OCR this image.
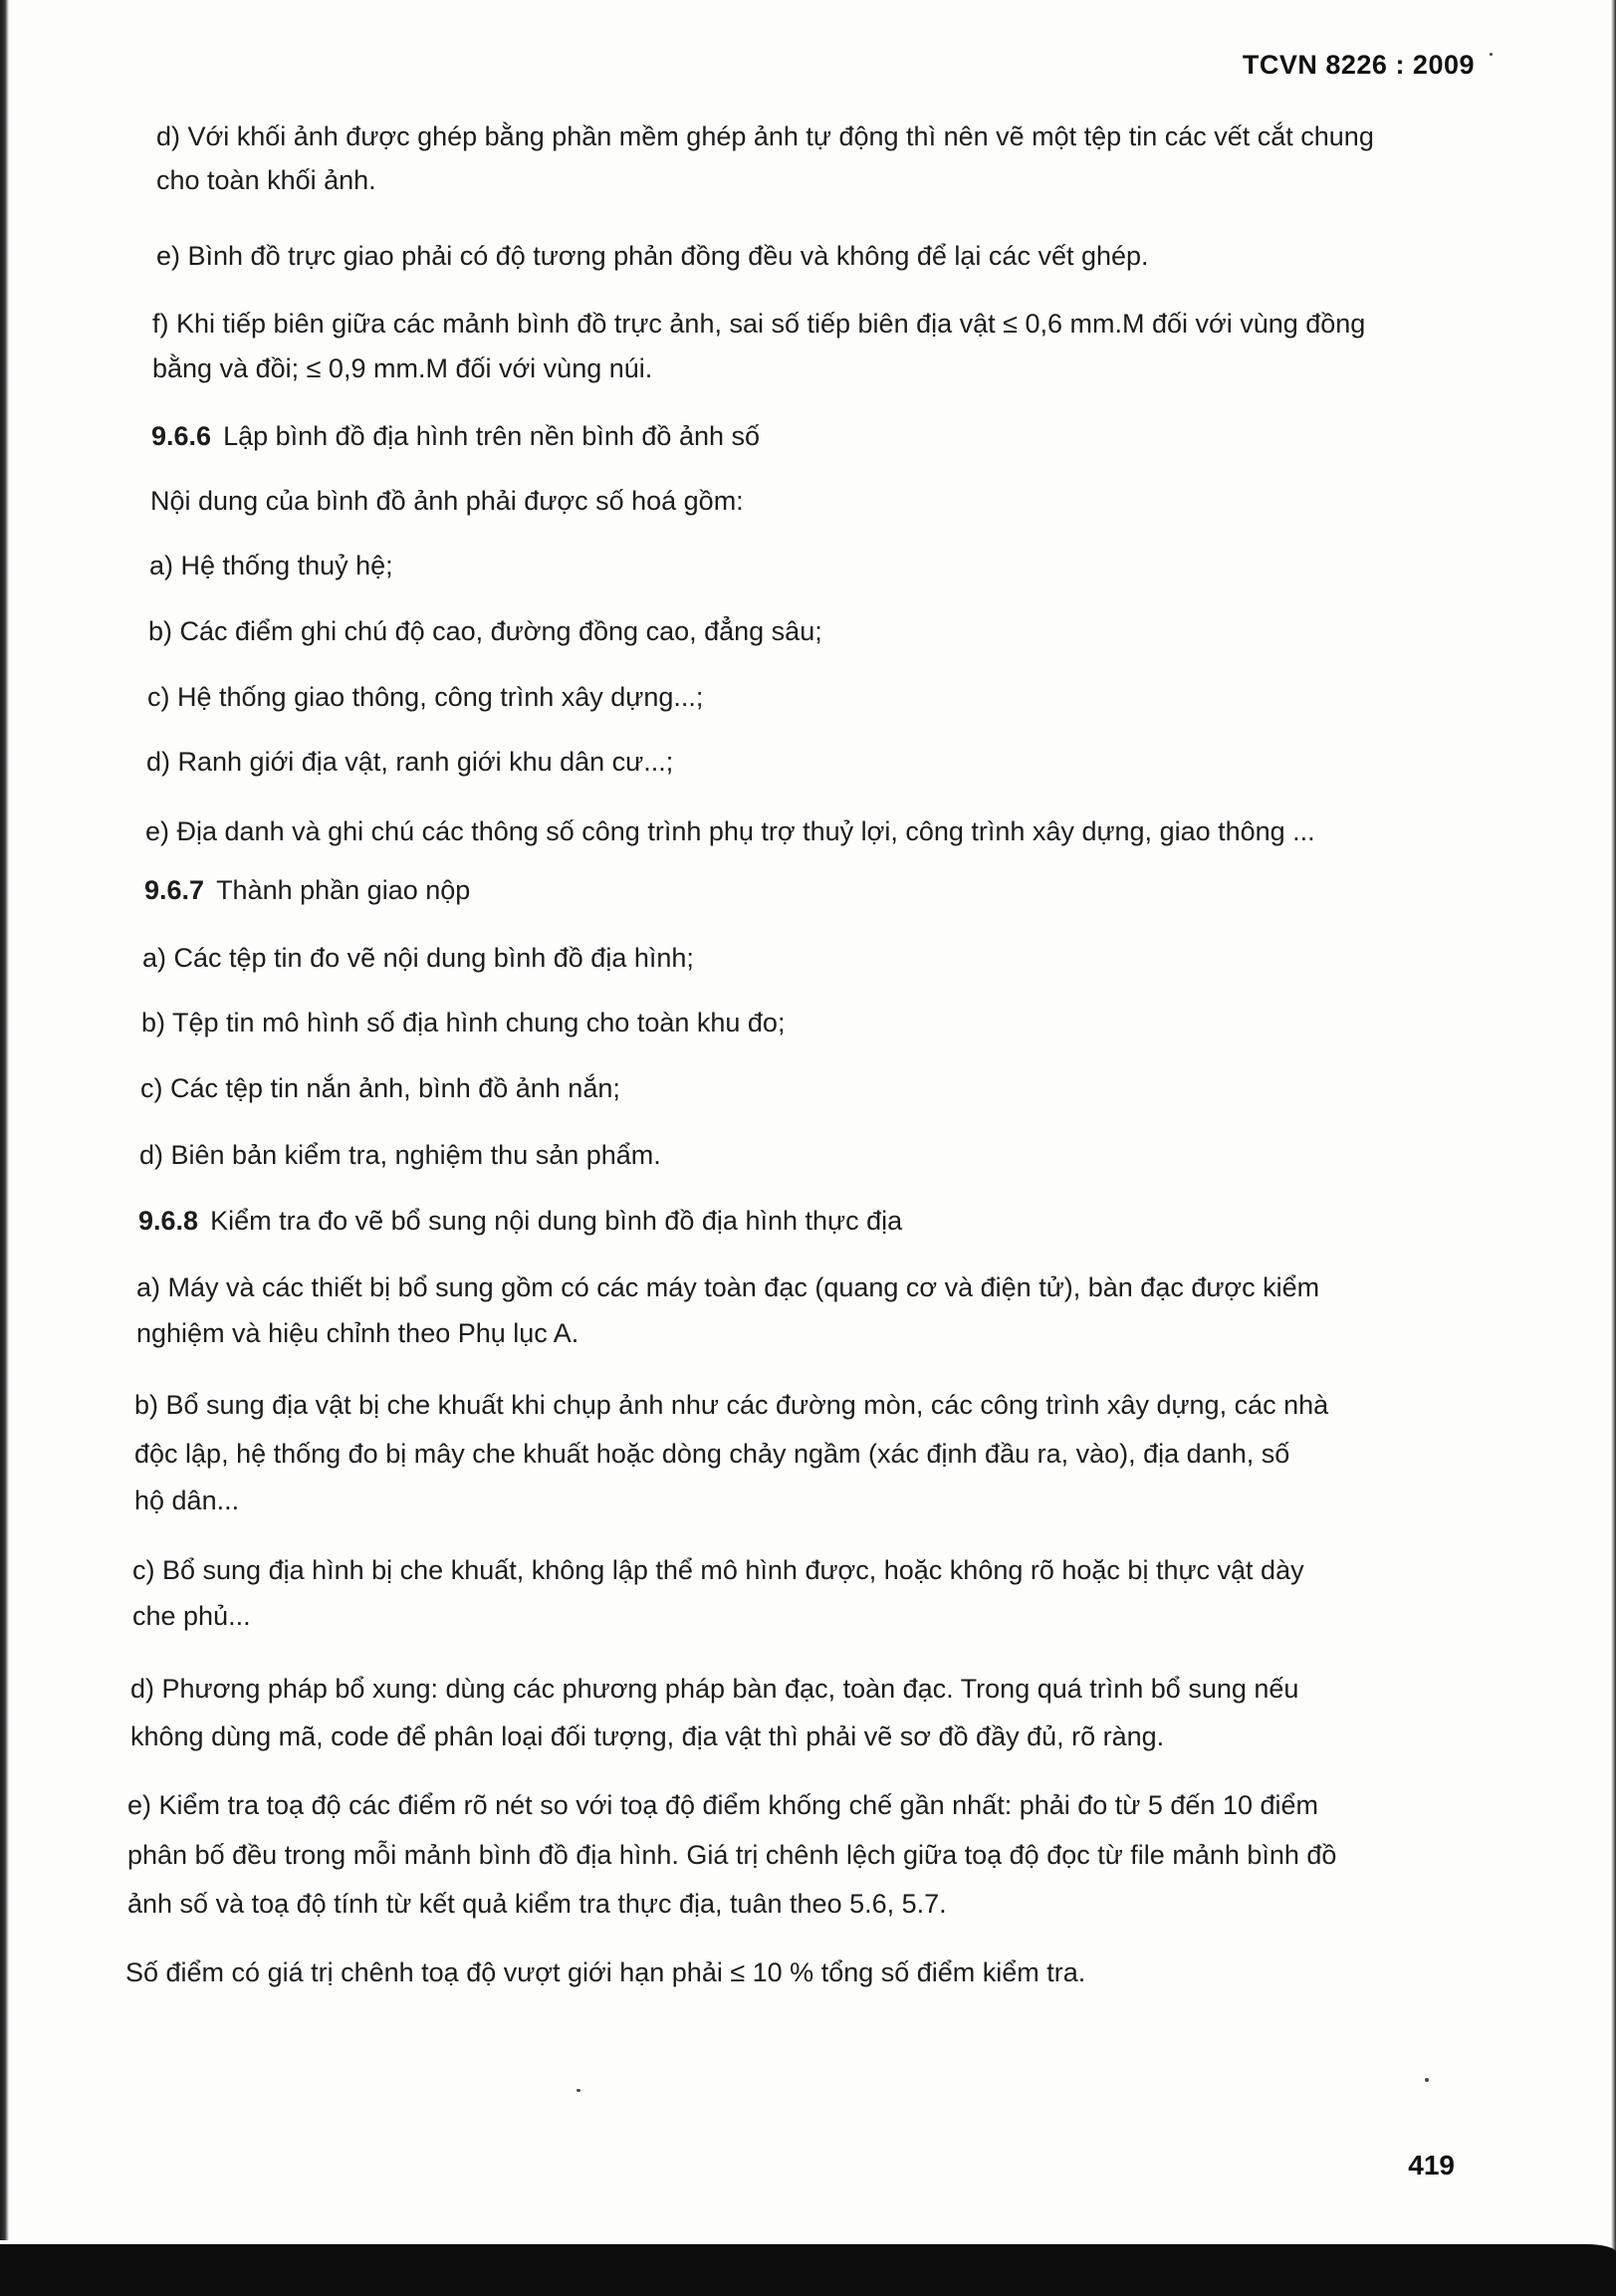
TCVN 8226 : 2009
d) Với khối ảnh được ghép bằng phần mềm ghép ảnh tự động thì nên vẽ một tệp tin các vết cắt chung
cho toàn khối ảnh.
e) Bình đồ trực giao phải có độ tương phản đồng đều và không để lại các vết ghép.
f) Khi tiếp biên giữa các mảnh bình đồ trực ảnh, sai số tiếp biên địa vật ≤ 0,6 mm.M đối với vùng đồng
bằng và đồi; ≤ 0,9 mm.M đối với vùng núi.
9.6.6 Lập bình đồ địa hình trên nền bình đồ ảnh số
Nội dung của bình đồ ảnh phải được số hoá gồm:
a) Hệ thống thuỷ hệ;
b) Các điểm ghi chú độ cao, đường đồng cao, đẳng sâu;
c) Hệ thống giao thông, công trình xây dựng...;
d) Ranh giới địa vật, ranh giới khu dân cư...;
e) Địa danh và ghi chú các thông số công trình phụ trợ thuỷ lợi, công trình xây dựng, giao thông ...
9.6.7 Thành phần giao nộp
a) Các tệp tin đo vẽ nội dung bình đồ địa hình;
b) Tệp tin mô hình số địa hình chung cho toàn khu đo;
c) Các tệp tin nắn ảnh, bình đồ ảnh nắn;
d) Biên bản kiểm tra, nghiệm thu sản phẩm.
9.6.8 Kiểm tra đo vẽ bổ sung nội dung bình đồ địa hình thực địa
a) Máy và các thiết bị bổ sung gồm có các máy toàn đạc (quang cơ và điện tử), bàn đạc được kiểm
nghiệm và hiệu chỉnh theo Phụ lục A.
b) Bổ sung địa vật bị che khuất khi chụp ảnh như các đường mòn, các công trình xây dựng, các nhà
độc lập, hệ thống đo bị mây che khuất hoặc dòng chảy ngầm (xác định đầu ra, vào), địa danh, số
hộ dân...
c) Bổ sung địa hình bị che khuất, không lập thể mô hình được, hoặc không rõ hoặc bị thực vật dày
che phủ...
d) Phương pháp bổ xung: dùng các phương pháp bàn đạc, toàn đạc. Trong quá trình bổ sung nếu
không dùng mã, code để phân loại đối tượng, địa vật thì phải vẽ sơ đồ đầy đủ, rõ ràng.
e) Kiểm tra toạ độ các điểm rõ nét so với toạ độ điểm khống chế gần nhất: phải đo từ 5 đến 10 điểm
phân bố đều trong mỗi mảnh bình đồ địa hình. Giá trị chênh lệch giữa toạ độ đọc từ file mảnh bình đồ
ảnh số và toạ độ tính từ kết quả kiểm tra thực địa, tuân theo 5.6, 5.7.
Số điểm có giá trị chênh toạ độ vượt giới hạn phải ≤ 10 % tổng số điểm kiểm tra.
419
